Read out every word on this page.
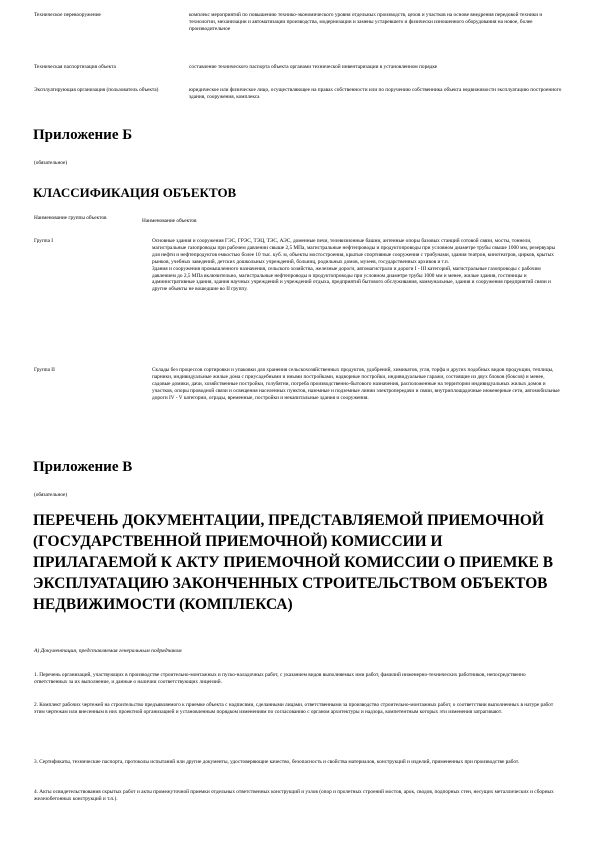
Техническое перевооружение	комплекс мероприятий по повышению технико-экономического уровня отдельных производств, цехов и участков на основе внедрения передовой техники и технологии, механизации и автоматизации производства, модернизации и замены устаревшего и физически изношенного оборудования на новое, более производительное
Техническая паспортизация объекта	составление технического паспорта объекта органами технической инвентаризации в установленном порядке
Эксплуатирующая организация (пользователь объекта)	юридическое или физическое лицо, осуществляющее на правах собственности или по поручению собственника объекта недвижимости эксплуатацию построенного здания, сооружения, комплекса
Приложение Б
(обязательное)
КЛАССИФИКАЦИЯ ОБЪЕКТОВ
Наименование группы объектов	Наименование объектов
Группа I	Основные здания и сооружения ГЭС, ГРЭС, ТЭЦ, ТЭС, АЭС, доменные печи, телевизионные башни, антенные опоры базовых станций сотовой связи, мосты, тоннели, магистральные газопроводы при рабочем давлении свыше 2,5 МПа, магистральные нефтепроводы и продуктопроводы при условном диаметре трубы свыше 1000 мм, резервуары для нефти и нефтепродуктов емкостью более 10 тыс. куб. м, объекты мостостроения, крытые спортивные сооружения с трибунами, здания театров, кинотеатров, цирков, крытых рынков, учебных заведений, детских дошкольных учреждений, больниц, родильных домов, музеев, государственных архивов и т.п.
Здания и сооружения промышленного назначения, сельского хозяйства, железные дороги, автомагистрали и дороги I - III категорий, магистральные газопроводы с рабочим давлением до 2,5 МПа включительно, магистральные нефтепроводы и продуктопроводы при условном диаметре трубы 1000 мм и менее, жилые здания, гостиницы и административные здания, здания научных учреждений и учреждений отдыха, предприятий бытового обслуживания, коммунальные, здания и сооружения предприятий связи и другие объекты не вошедшие во II группу.
Группа II	Склады без процессов сортировки и упаковки для хранения сельскохозяйственных продуктов, удобрений, химикатов, угля, торфа и других подобных видов продукции, теплицы, парники, индивидуальные жилые дома с приусадебными и иными постройками, надворные постройки, индивидуальные гаражи, состоящие из двух блоков (боксов) и менее, садовые домики, дачи, хозяйственные постройки, голубятни, погреба производственно-бытового назначения, расположенные на территории индивидуальных жилых домов и участков, опоры проводной связи и освещения населенных пунктов, наземные и подземные линии электропередачи и связи, внутриплощадочные инженерные сети, автомобильные дороги IV - V категории, ограды, временные, постройки и некапитальные здания и сооружения.
Приложение В
(обязательное)
ПЕРЕЧЕНЬ ДОКУМЕНТАЦИИ, ПРЕДСТАВЛЯЕМОЙ ПРИЕМОЧНОЙ (ГОСУДАРСТВЕННОЙ ПРИЕМОЧНОЙ) КОМИССИИ И ПРИЛАГАЕМОЙ К АКТУ ПРИЕМОЧНОЙ КОМИССИИ О ПРИЕМКЕ В ЭКСПЛУАТАЦИЮ ЗАКОНЧЕННЫХ СТРОИТЕЛЬСТВОМ ОБЪЕКТОВ НЕДВИЖИМОСТИ (КОМПЛЕКСА)
А) Документация, представляемая генеральным подрядчиком
1. Перечень организаций, участвующих в производстве строительно-монтажных и пуско-наладочных работ, с указанием видов выполняемых ими работ, фамилий инженерно-технических работников, непосредственно ответственных за их выполнение, и данные о наличии соответствующих лицензий.
2. Комплект рабочих чертежей на строительство предъявляемого к приемке объекта с надписями, сделанными лицами, ответственными за производство строительно-монтажных работ, о соответствии выполненных в натуре работ этим чертежам или внесенным в них проектной организацией и установленным порядком изменениям по согласованию с органом архитектуры и надзора, компетентным которых эти изменения затрагивают.
3. Сертификаты, технические паспорта, протоколы испытаний или другие документы, удостоверяющие качество, безопасность и свойства материалов, конструкций и изделий, примененных при производстве работ.
4. Акты освидетельствования скрытых работ и акты промежуточной приемки отдельных ответственных конструкций и узлов (опор и пролетных строений мостов, арок, сводов, подпорных стен, несущих металлических и сборных железобетонных конструкций и т.п.).
